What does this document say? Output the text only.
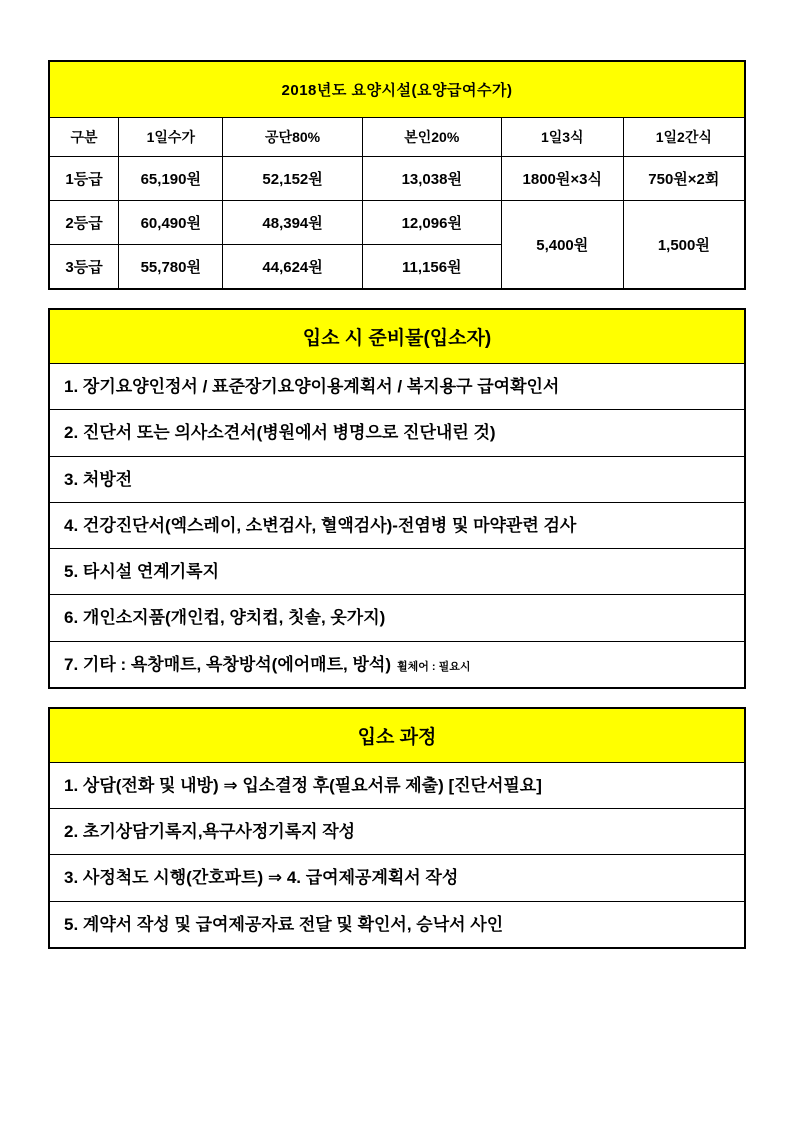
2018년도 요양시설(요양급여수가)					
구분	1일수가	공단80%	본인20%	1일3식	1일2간식
1등급	65,190원	52,152원	13,038원	1800원×3식	750원×2회
2등급	60,490원	48,394원	12,096원	5,400원	1,500원
3등급	55,780원	44,624원	11,156원		
입소 시 준비물(입소자)
1. 장기요양인정서 / 표준장기요양이용계획서 / 복지용구 급여확인서
2. 진단서 또는 의사소견서(병원에서 병명으로 진단내린 것)
3. 처방전
4. 건강진단서(엑스레이, 소변검사, 혈액검사)-전염병 및 마약관련 검사
5. 타시설 연계기록지
6. 개인소지품(개인컵, 양치컵, 칫솔, 옷가지)
7. 기타 : 욕창매트, 욕창방석(에어매트, 방석) 휠체어 : 필요시
입소 과정
1. 상담(전화 및 내방) ⇒ 입소결정 후(필요서류 제출) [진단서필요]
2. 초기상담기록지,욕구사정기록지 작성
3. 사정척도 시행(간호파트) ⇒ 4. 급여제공계획서 작성
5. 계약서 작성 및 급여제공자료 전달 및 확인서, 승낙서 사인
